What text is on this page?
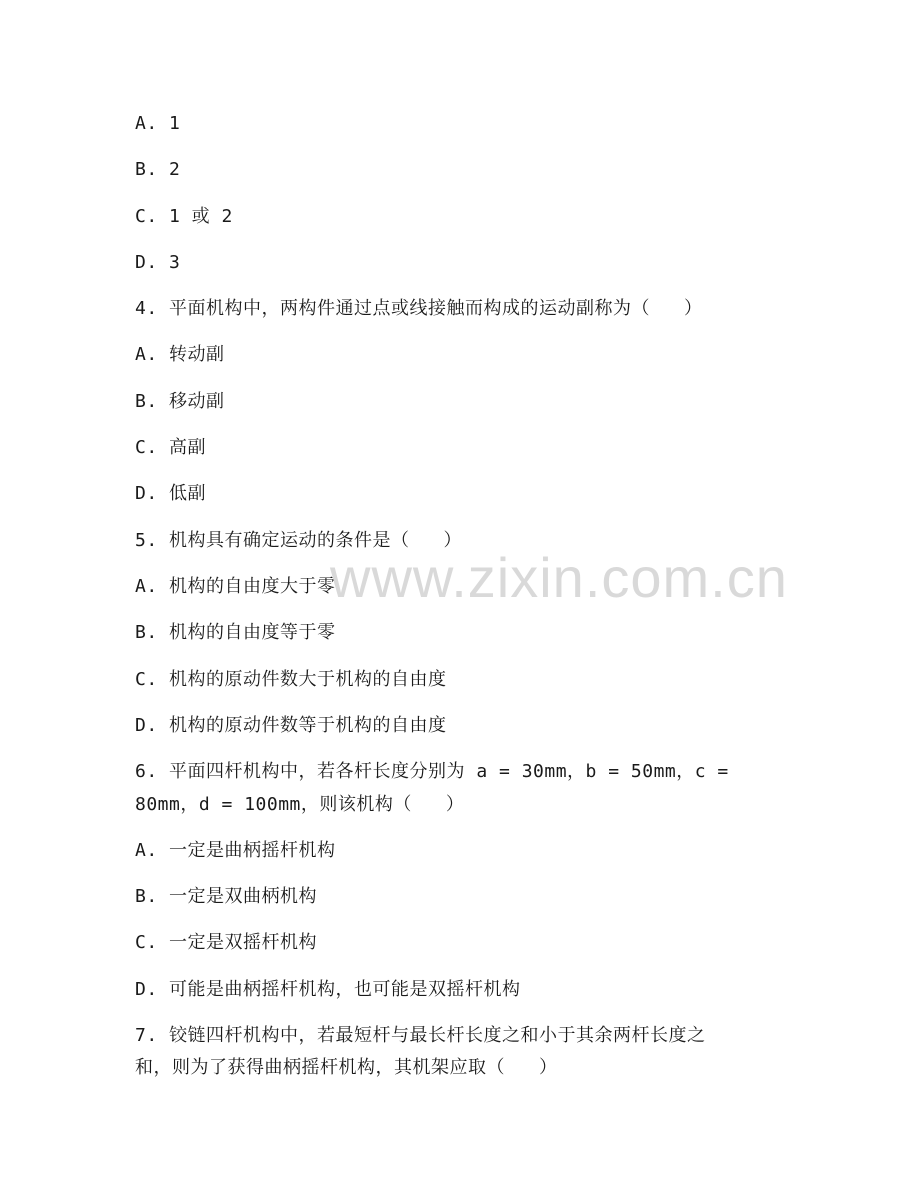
A. 1
B. 2
C. 1 或 2
D. 3
4. 平面机构中，两构件通过点或线接触而构成的运动副称为（   ）
A. 转动副
B. 移动副
C. 高副
D. 低副
5. 机构具有确定运动的条件是（   ）
A. 机构的自由度大于零
B. 机构的自由度等于零
C. 机构的原动件数大于机构的自由度
D. 机构的原动件数等于机构的自由度
6. 平面四杆机构中，若各杆长度分别为 a = 30mm，b = 50mm，c =
80mm，d = 100mm，则该机构（   ）
A. 一定是曲柄摇杆机构
B. 一定是双曲柄机构
C. 一定是双摇杆机构
D. 可能是曲柄摇杆机构，也可能是双摇杆机构
7. 铰链四杆机构中，若最短杆与最长杆长度之和小于其余两杆长度之
和，则为了获得曲柄摇杆机构，其机架应取（   ）
www.zixin.com.cn
